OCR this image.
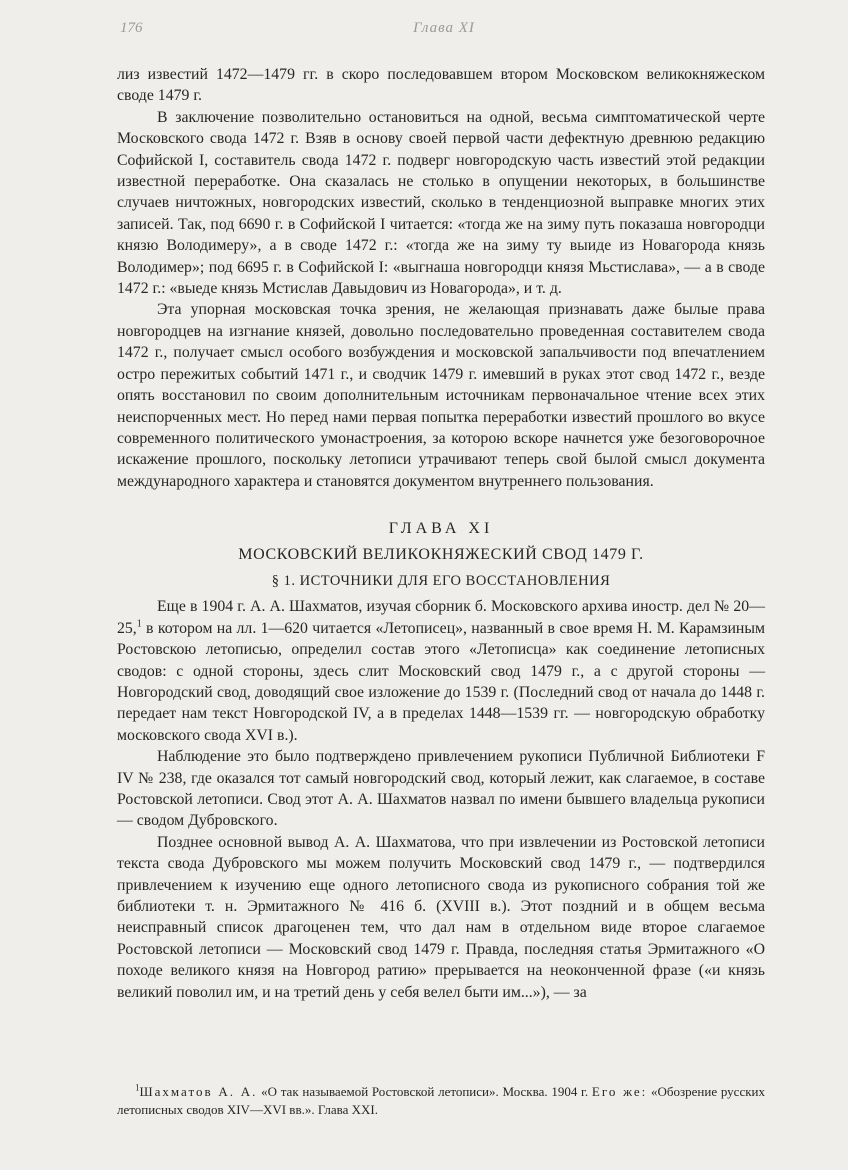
176	Глава XI

лиз известий 1472—1479 гг. в скоро последовавшем втором Московском великокняжеском своде 1479 г.

В заключение позволительно остановиться на одной, весьма симптоматической черте Московского свода 1472 г. Взяв в основу своей первой части дефектную древнюю редакцию Софийской I, составитель свода 1472 г. подверг новгородскую часть известий этой редакции известной переработке. Она сказалась не столько в опущении некоторых, в большинстве случаев ничтожных, новгородских известий, сколько в тенденциозной выправке многих этих записей. Так, под 6690 г. в Софийской I читается: «тогда же на зиму путь показаша новгородци князю Володимеру», а в своде 1472 г.: «тогда же на зиму ту выиде из Новагорода князь Володимер»; под 6695 г. в Софийской I: «выгнаша новгородци князя Мьстислава», — а в своде 1472 г.: «выеде князь Мстислав Давыдович из Новагорода», и т. д.

Эта упорная московская точка зрения, не желающая признавать даже былые права новгородцев на изгнание князей, довольно последовательно проведенная составителем свода 1472 г., получает смысл особого возбуждения и московской запальчивости под впечатлением остро пережитых событий 1471 г., и сводчик 1479 г. имевший в руках этот свод 1472 г., везде опять восстановил по своим дополнительным источникам первоначальное чтение всех этих неиспорченных мест. Но перед нами первая попытка переработки известий прошлого во вкусе современного политического умонастроения, за которою вскоре начнется уже безоговорочное искажение прошлого, поскольку летописи утрачивают теперь свой былой смысл документа международного характера и становятся документом внутреннего пользования.

ГЛАВА XI
МОСКОВСКИЙ ВЕЛИКОКНЯЖЕСКИЙ СВОД 1479 Г.
§ 1. ИСТОЧНИКИ ДЛЯ ЕГО ВОССТАНОВЛЕНИЯ

Еще в 1904 г. А. А. Шахматов, изучая сборник б. Московского архива иностр. дел № 20—25,$^1$ в котором на лл. 1—620 читается «Летописец», названный в свое время Н. М. Карамзиным Ростовскою летописью, определил состав этого «Летописца» как соединение летописных сводов: с одной стороны, здесь слит Московский свод 1479 г., а с другой стороны — Новгородский свод, доводящий свое изложение до 1539 г. (Последний свод от начала до 1448 г. передает нам текст Новгородской IV, а в пределах 1448—1539 гг. — новгородскую обработку московского свода XVI в.).

Наблюдение это было подтверждено привлечением рукописи Публичной Библиотеки F IV № 238, где оказался тот самый новгородский свод, который лежит, как слагаемое, в составе Ростовской летописи. Свод этот А. А. Шахматов назвал по имени бывшего владельца рукописи — сводом Дубровского.

Позднее основной вывод А. А. Шахматова, что при извлечении из Ростовской летописи текста свода Дубровского мы можем получить Московский свод 1479 г., — подтвердился привлечением к изучению еще одного летописного свода из рукописного собрания той же библиотеки т. н. Эрмитажного № 416 б. (XVIII в.). Этот поздний и в общем весьма неисправный список драгоценен тем, что дал нам в отдельном виде второе слагаемое Ростовской летописи — Московский свод 1479 г. Правда, последняя статья Эрмитажного «О походе великого князя на Новгород ратию» прерывается на неоконченной фразе («и князь великий поволил им, и на третий день у себя велел быти им...»), — за

$^1$Шахматов А. А. «О так называемой Ростовской летописи». Москва. 1904 г. Его же: «Обозрение русских летописных сводов XIV—XVI вв.». Глава XXI.
